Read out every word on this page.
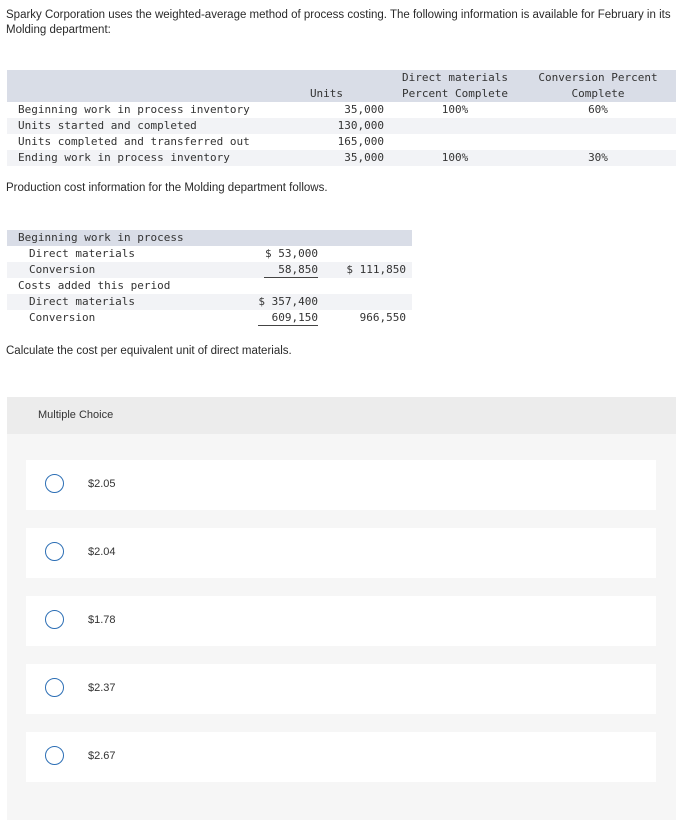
Sparky Corporation uses the weighted-average method of process costing. The following information is available for February in its Molding department:
		Direct materials	Conversion Percent
	Units	Percent Complete	Complete
Beginning work in process inventory	35,000	100%	60%
Units started and completed	130,000		
Units completed and transferred out	165,000		
Ending work in process inventory	35,000	100%	30%
Production cost information for the Molding department follows.
Beginning work in process		
Direct materials	$ 53,000	
Conversion	58,850	$ 111,850
Costs added this period		
Direct materials	$ 357,400	
Conversion	609,150	966,550
Calculate the cost per equivalent unit of direct materials.
Multiple Choice
$2.05
$2.04
$1.78
$2.37
$2.67
